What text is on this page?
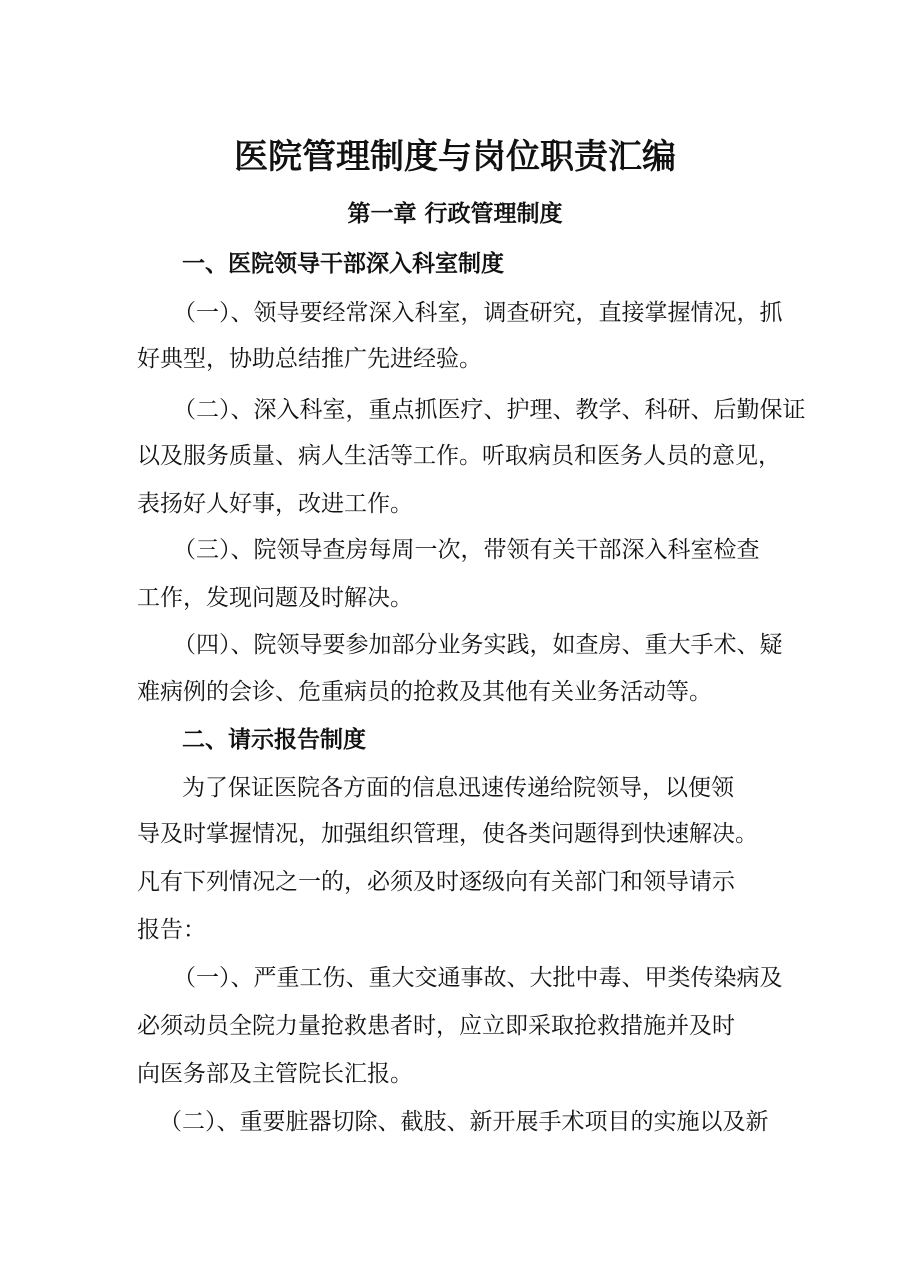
医院管理制度与岗位职责汇编
第一章 行政管理制度
一、医院领导干部深入科室制度
（一）、领导要经常深入科室，调查研究，直接掌握情况，抓
好典型，协助总结推广先进经验。
（二）、深入科室，重点抓医疗、护理、教学、科研、后勤保证
以及服务质量、病人生活等工作。听取病员和医务人员的意见，
表扬好人好事，改进工作。
（三）、院领导查房每周一次，带领有关干部深入科室检查
工作，发现问题及时解决。
（四）、院领导要参加部分业务实践，如查房、重大手术、疑
难病例的会诊、危重病员的抢救及其他有关业务活动等。
二、请示报告制度
为了保证医院各方面的信息迅速传递给院领导，以便领
导及时掌握情况，加强组织管理，使各类问题得到快速解决。
凡有下列情况之一的，必须及时逐级向有关部门和领导请示
报告：
（一）、严重工伤、重大交通事故、大批中毒、甲类传染病及
必须动员全院力量抢救患者时，应立即采取抢救措施并及时
向医务部及主管院长汇报。
（二）、重要脏器切除、截肢、新开展手术项目的实施以及新
